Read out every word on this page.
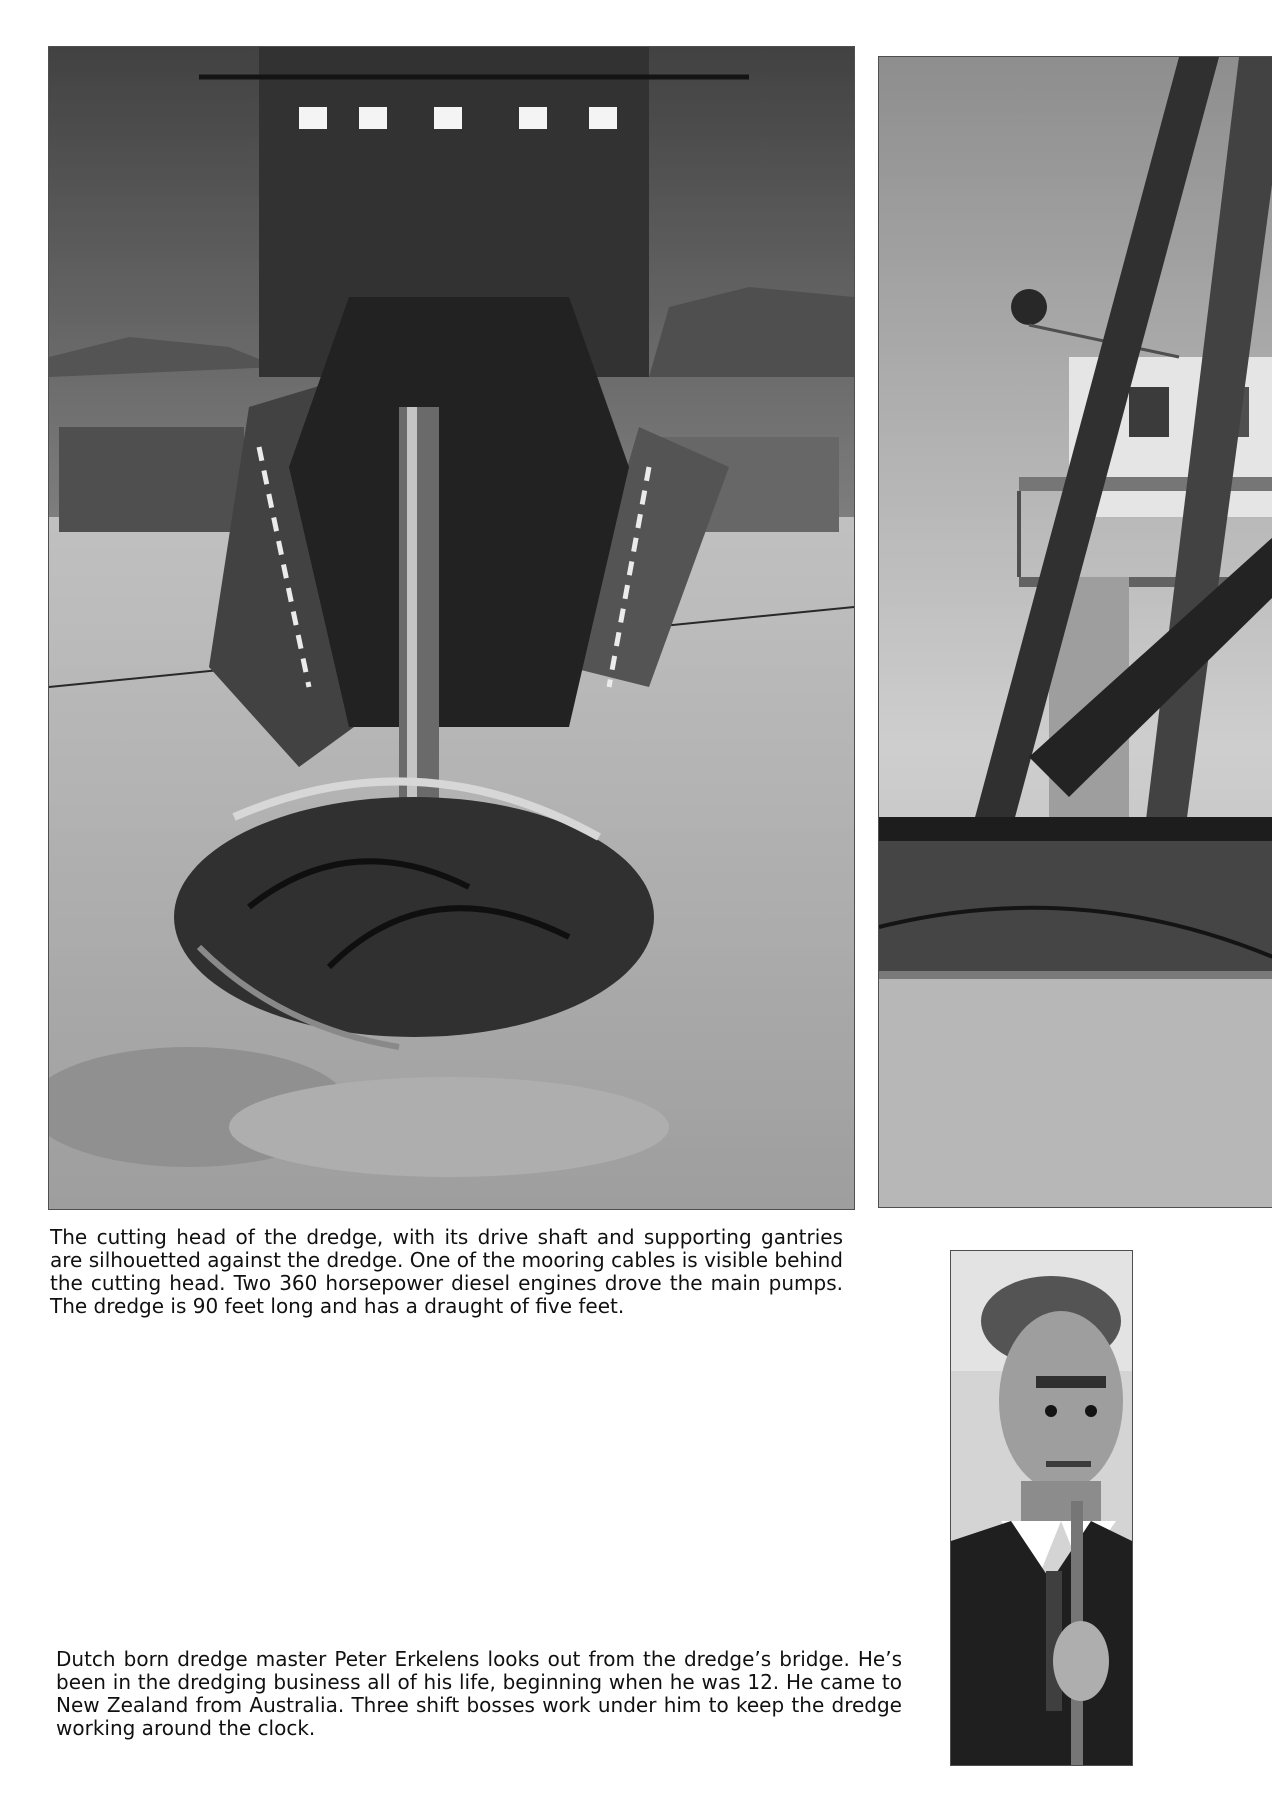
The cutting head of the dredge, with its drive shaft and supporting gantries are silhouetted against the dredge. One of the mooring cables is visible behind the cutting head. Two 360 horsepower diesel engines drove the main pumps. The dredge is 90 feet long and has a draught of five feet.

Dutch born dredge master Peter Erkelens looks out from the dredge’s bridge. He’s been in the dredging business all of his life, beginning when he was 12. He came to New Zealand from Australia. Three shift bosses work under him to keep the dredge working around the clock.
